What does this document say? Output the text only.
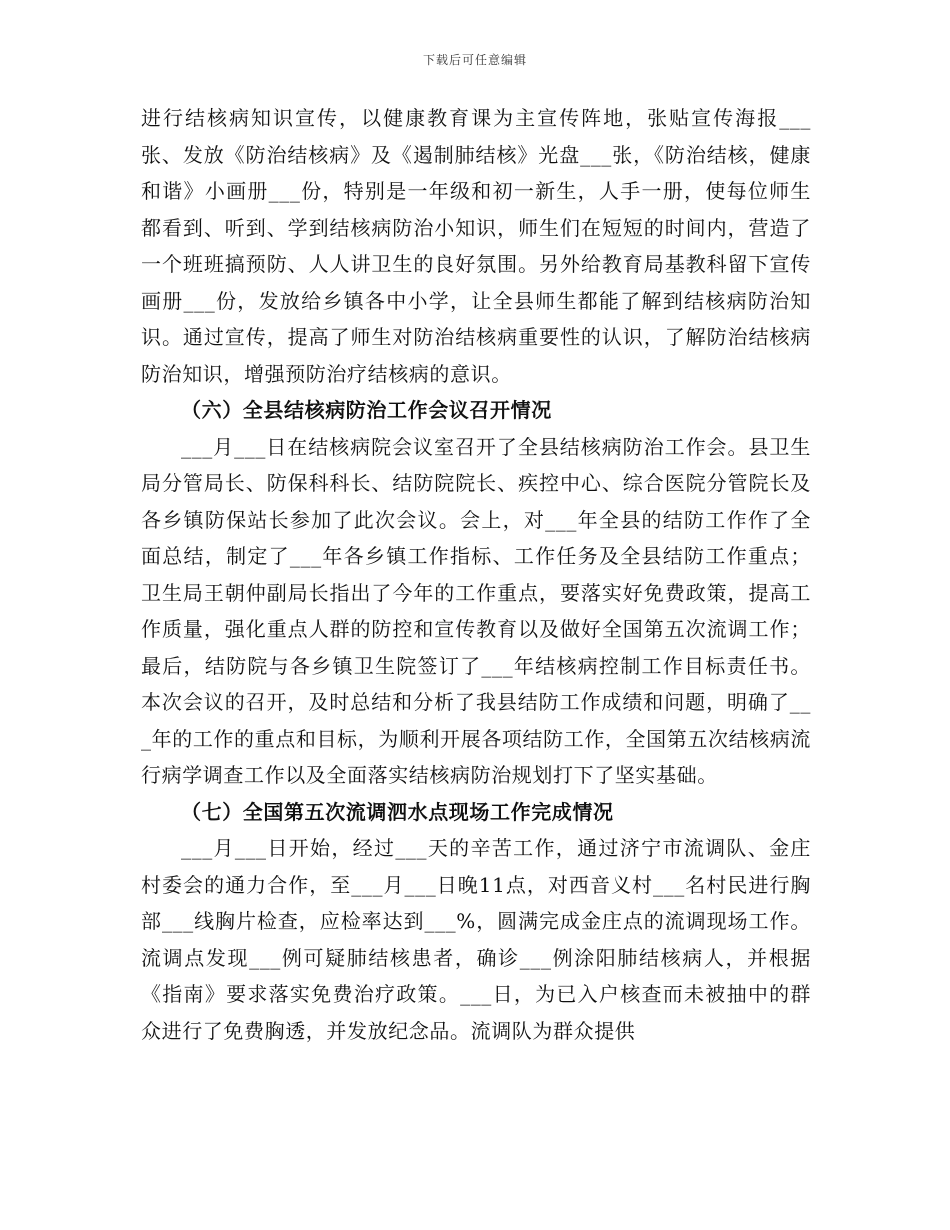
下载后可任意编辑

进行结核病知识宣传，以健康教育课为主宣传阵地，张贴宣传海报___张、发放《防治结核病》及《遏制肺结核》光盘___张，《防治结核，健康和谐》小画册___份，特别是一年级和初一新生，人手一册，使每位师生都看到、听到、学到结核病防治小知识，师生们在短短的时间内，营造了一个班班搞预防、人人讲卫生的良好氛围。另外给教育局基教科留下宣传画册___份，发放给乡镇各中小学，让全县师生都能了解到结核病防治知识。通过宣传，提高了师生对防治结核病重要性的认识，了解防治结核病防治知识，增强预防治疗结核病的意识。

（六）全县结核病防治工作会议召开情况

___月___日在结核病院会议室召开了全县结核病防治工作会。县卫生局分管局长、防保科科长、结防院院长、疾控中心、综合医院分管院长及各乡镇防保站长参加了此次会议。会上，对___年全县的结防工作作了全面总结，制定了___年各乡镇工作指标、工作任务及全县结防工作重点；卫生局王朝仲副局长指出了今年的工作重点，要落实好免费政策，提高工作质量，强化重点人群的防控和宣传教育以及做好全国第五次流调工作；最后，结防院与各乡镇卫生院签订了___年结核病控制工作目标责任书。本次会议的召开，及时总结和分析了我县结防工作成绩和问题，明确了___年的工作的重点和目标，为顺利开展各项结防工作，全国第五次结核病流行病学调查工作以及全面落实结核病防治规划打下了坚实基础。

（七）全国第五次流调泗水点现场工作完成情况

___月___日开始，经过___天的辛苦工作，通过济宁市流调队、金庄村委会的通力合作，至___月___日晚11点，对西音义村___名村民进行胸部___线胸片检查，应检率达到___%，圆满完成金庄点的流调现场工作。流调点发现___例可疑肺结核患者，确诊___例涂阳肺结核病人，并根据《指南》要求落实免费治疗政策。___日，为已入户核查而未被抽中的群众进行了免费胸透，并发放纪念品。流调队为群众提供
